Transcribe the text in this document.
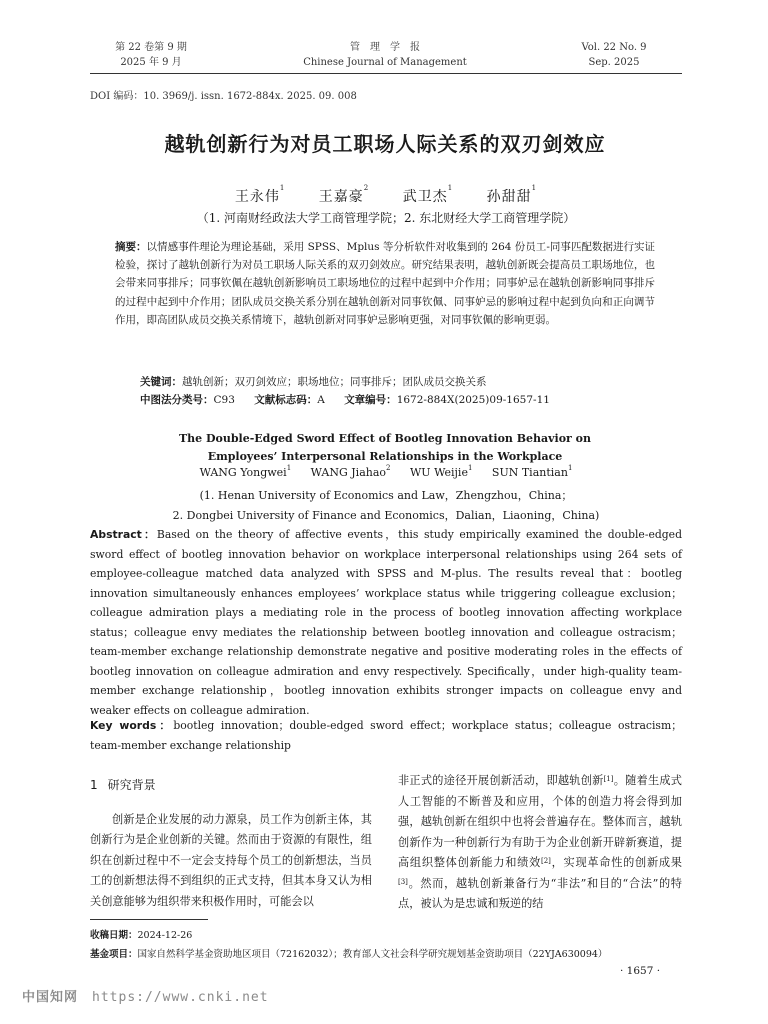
第 22 卷第 9 期
2025 年 9 月
管　理　学　报
Chinese Journal of Management
Vol. 22 No. 9
Sep. 2025
DOI 编码：10. 3969/j. issn. 1672-884x. 2025. 09. 008
越轨创新行为对员工职场人际关系的双刃剑效应
王永伟$^1$ 王嘉豪$^2$ 武卫杰$^1$ 孙甜甜$^1$
（1. 河南财经政法大学工商管理学院；2. 东北财经大学工商管理学院）
摘要：以情感事件理论为理论基础，采用 SPSS、Mplus 等分析软件对收集到的 264 份员工-同事匹配数据进行实证检验，探讨了越轨创新行为对员工职场人际关系的双刃剑效应。研究结果表明，越轨创新既会提高员工职场地位，也会带来同事排斥；同事钦佩在越轨创新影响员工职场地位的过程中起到中介作用；同事妒忌在越轨创新影响同事排斥的过程中起到中介作用；团队成员交换关系分别在越轨创新对同事钦佩、同事妒忌的影响过程中起到负向和正向调节作用，即高团队成员交换关系情境下，越轨创新对同事妒忌影响更强，对同事钦佩的影响更弱。
关键词：越轨创新；双刃剑效应；职场地位；同事排斥；团队成员交换关系
中图法分类号：C93 文献标志码：A 文章编号：1672-884X(2025)09-1657-11
The Double-Edged Sword Effect of Bootleg Innovation Behavior on
Employees’ Interpersonal Relationships in the Workplace
WANG Yongwei$^1$ WANG Jiahao$^2$ WU Weijie$^1$ SUN Tiantian$^1$
(1. Henan University of Economics and Law，Zhengzhou，China；
2. Dongbei University of Finance and Economics，Dalian，Liaoning，China)
Abstract：Based on the theory of affective events，this study empirically examined the double-edged sword effect of bootleg innovation behavior on workplace interpersonal relationships using 264 sets of employee-colleague matched data analyzed with SPSS and M-plus. The results reveal that：bootleg innovation simultaneously enhances employees’ workplace status while triggering colleague exclusion；colleague admiration plays a mediating role in the process of bootleg innovation affecting workplace status；colleague envy mediates the relationship between bootleg innovation and colleague ostracism；team-member exchange relationship demonstrate negative and positive moderating roles in the effects of bootleg innovation on colleague admiration and envy respectively. Specifically，under high-quality team-member exchange relationship，bootleg innovation exhibits stronger impacts on colleague envy and weaker effects on colleague admiration.
Key words：bootleg innovation；double-edged sword effect；workplace status；colleague ostracism；team-member exchange relationship
1 研究背景
创新是企业发展的动力源泉，员工作为创新主体，其创新行为是企业创新的关键。然而由于资源的有限性，组织在创新过程中不一定会支持每个员工的创新想法，当员工的创新想法得不到组织的正式支持，但其本身又认为相关创意能够为组织带来积极作用时，可能会以
非正式的途径开展创新活动，即越轨创新[1]。随着生成式人工智能的不断普及和应用，个体的创造力将会得到加强，越轨创新在组织中也将会普遍存在。整体而言，越轨创新作为一种创新行为有助于为企业创新开辟新赛道，提高组织整体创新能力和绩效[2]，实现革命性的创新成果[3]。然而，越轨创新兼备行为“非法”和目的“合法”的特点，被认为是忠诚和叛逆的结
收稿日期：2024-12-26
基金项目：国家自然科学基金资助地区项目（72162032）；教育部人文社会科学研究规划基金资助项目（22YJA630094）
· 1657 ·
中国知网 https://www.cnki.net
